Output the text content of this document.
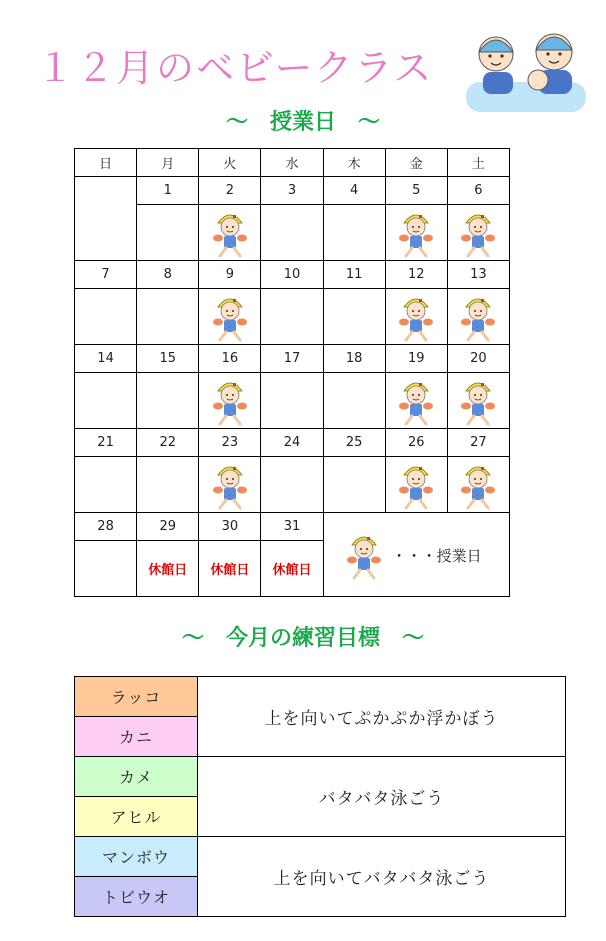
１２月のベビークラス
～　授業日　～
日	月	火	水	木	金	土
	1	2	3	4	5	6

7	8	9	10	11	12	13

14	15	16	17	18	19	20

21	22	23	24	25	26	27

28	29	30	31	・・・授業日		

	休館日	休館日	休館日			
～　今月の練習目標　～
ラッコ	上を向いてぷかぷか浮かぼう
カニ	
カメ	バタバタ泳ごう
アヒル	
マンボウ	上を向いてバタバタ泳ごう
トビウオ	
